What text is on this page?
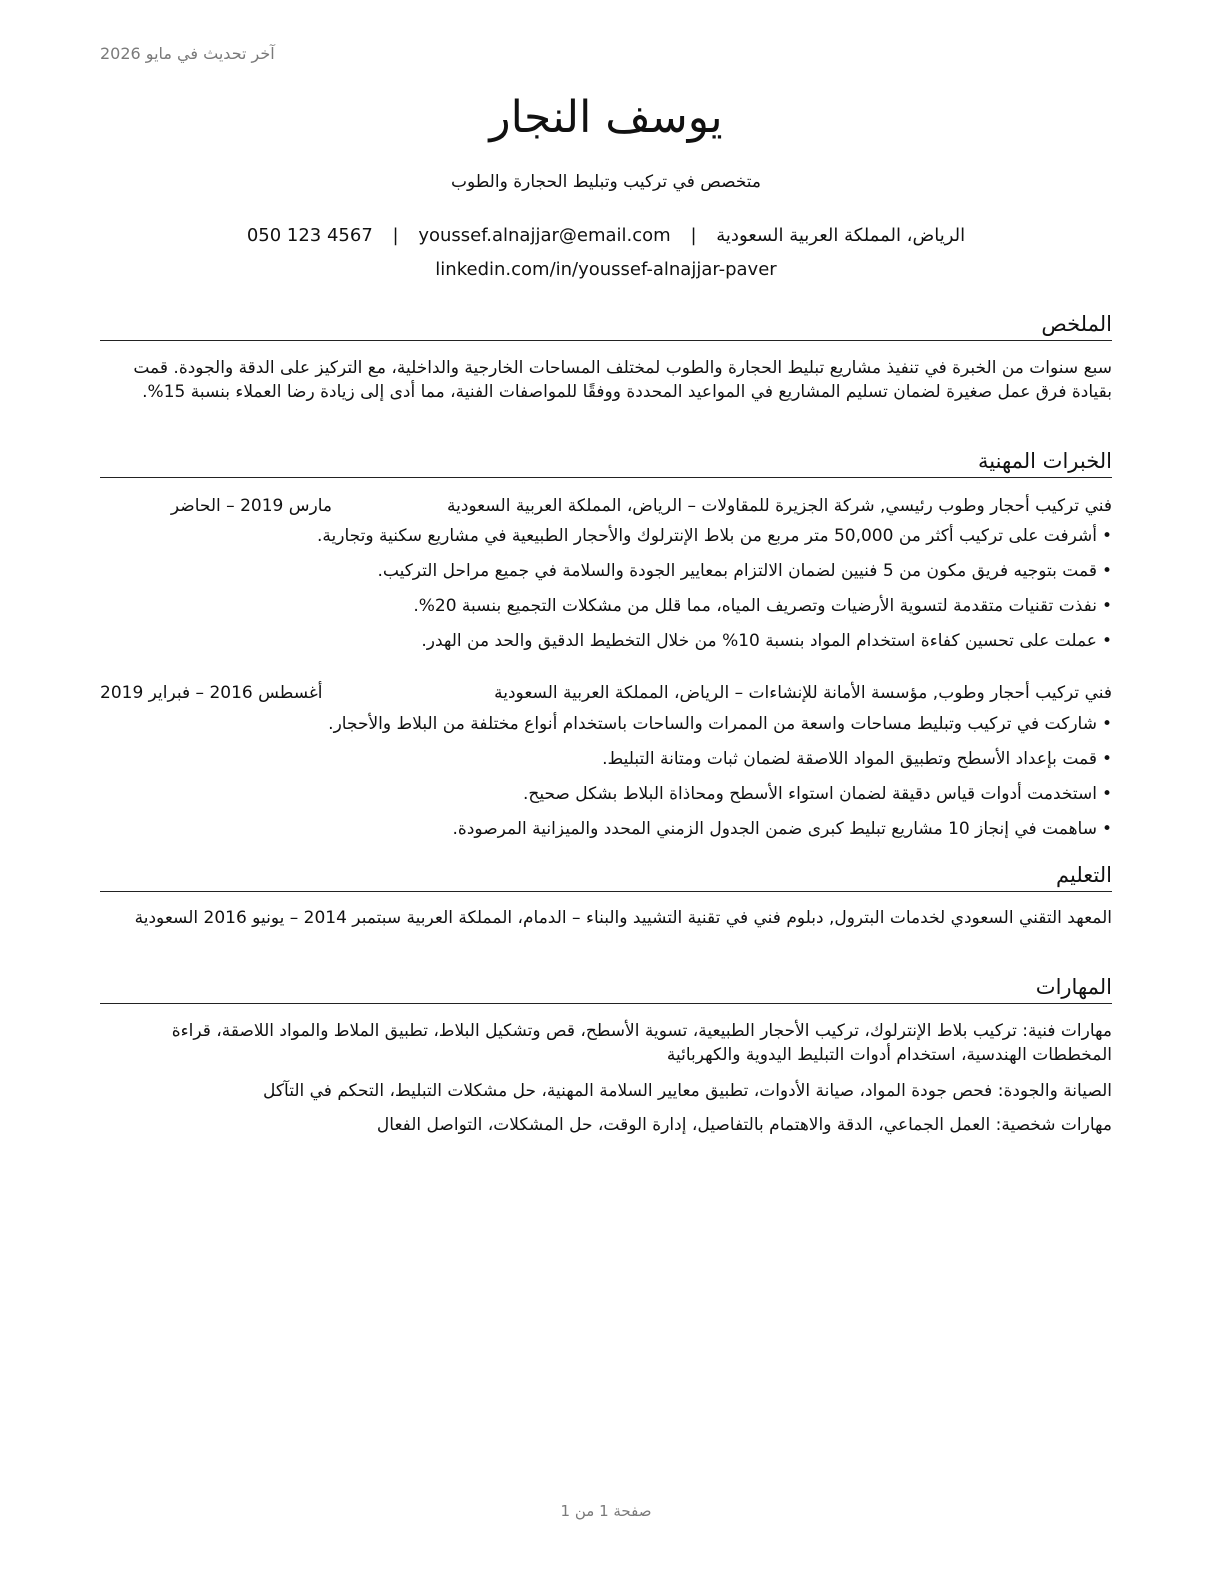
آخر تحديث في مايو 2026
يوسف النجار
متخصص في تركيب وتبليط الحجارة والطوب
الرياض، المملكة العربية السعودية | youssef.alnajjar@email.com | 050 123 4567
linkedin.com/in/youssef-alnajjar-paver
الملخص
سبع سنوات من الخبرة في تنفيذ مشاريع تبليط الحجارة والطوب لمختلف المساحات الخارجية والداخلية، مع التركيز على الدقة والجودة. قمت بقيادة فرق عمل صغيرة لضمان تسليم المشاريع في المواعيد المحددة ووفقًا للمواصفات الفنية، مما أدى إلى زيادة رضا العملاء بنسبة 15%.
الخبرات المهنية
فني تركيب أحجار وطوب رئيسي, شركة الجزيرة للمقاولات – الرياض، المملكة العربية السعودية
مارس 2019 – الحاضر
•أشرفت على تركيب أكثر من 50,000 متر مربع من بلاط الإنترلوك والأحجار الطبيعية في مشاريع سكنية وتجارية.
•قمت بتوجيه فريق مكون من 5 فنيين لضمان الالتزام بمعايير الجودة والسلامة في جميع مراحل التركيب.
•نفذت تقنيات متقدمة لتسوية الأرضيات وتصريف المياه، مما قلل من مشكلات التجميع بنسبة 20%.
•عملت على تحسين كفاءة استخدام المواد بنسبة 10% من خلال التخطيط الدقيق والحد من الهدر.
فني تركيب أحجار وطوب, مؤسسة الأمانة للإنشاءات – الرياض، المملكة العربية السعودية
أغسطس 2016 – فبراير 2019
•شاركت في تركيب وتبليط مساحات واسعة من الممرات والساحات باستخدام أنواع مختلفة من البلاط والأحجار.
•قمت بإعداد الأسطح وتطبيق المواد اللاصقة لضمان ثبات ومتانة التبليط.
•استخدمت أدوات قياس دقيقة لضمان استواء الأسطح ومحاذاة البلاط بشكل صحيح.
•ساهمت في إنجاز 10 مشاريع تبليط كبرى ضمن الجدول الزمني المحدد والميزانية المرصودة.
التعليم
المعهد التقني السعودي لخدمات البترول, دبلوم فني في تقنية التشييد والبناء – الدمام، المملكة العربية سبتمبر 2014 – يونيو 2016 السعودية
المهارات
مهارات فنية: تركيب بلاط الإنترلوك، تركيب الأحجار الطبيعية، تسوية الأسطح، قص وتشكيل البلاط، تطبيق الملاط والمواد اللاصقة، قراءة المخططات الهندسية، استخدام أدوات التبليط اليدوية والكهربائية
الصيانة والجودة: فحص جودة المواد، صيانة الأدوات، تطبيق معايير السلامة المهنية، حل مشكلات التبليط، التحكم في التآكل
مهارات شخصية: العمل الجماعي، الدقة والاهتمام بالتفاصيل، إدارة الوقت، حل المشكلات، التواصل الفعال
صفحة 1 من 1
